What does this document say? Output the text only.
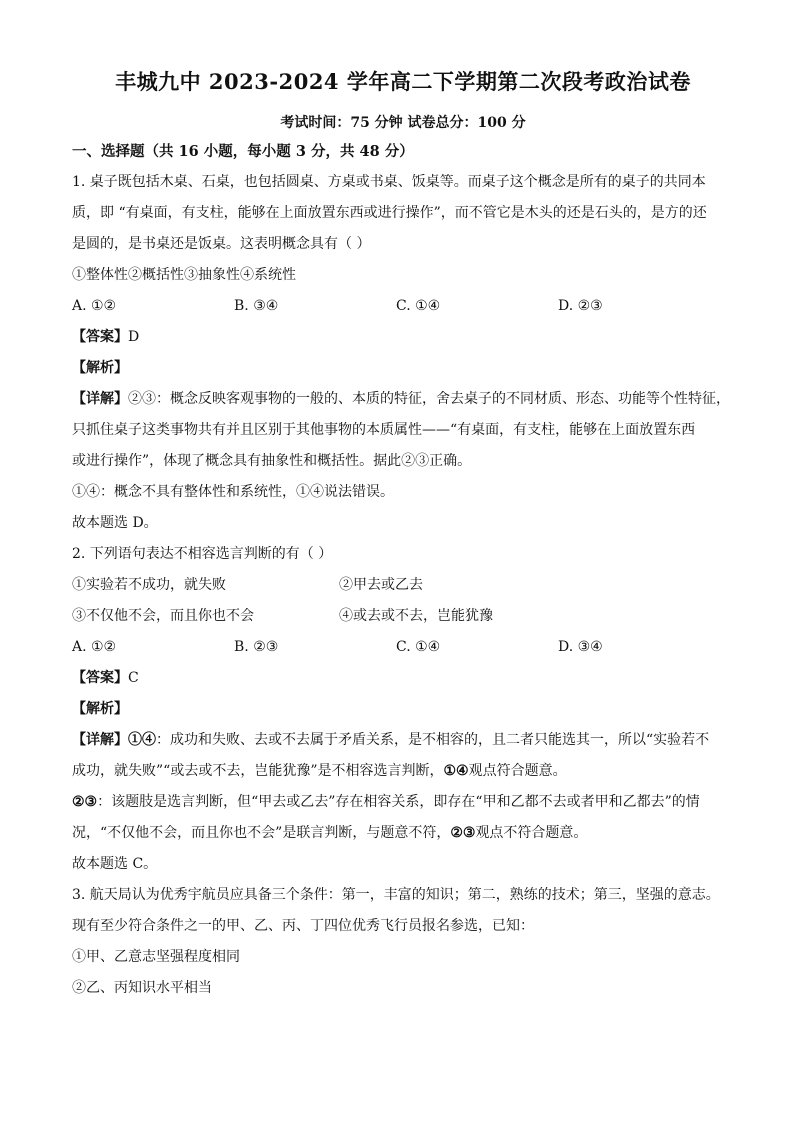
丰城九中 2023-2024 学年高二下学期第二次段考政治试卷
考试时间：75 分钟 试卷总分：100 分
一、选择题（共 16 小题，每小题 3 分，共 48 分）

1. 桌子既包括木桌、石桌，也包括圆桌、方桌或书桌、饭桌等。而桌子这个概念是所有的桌子的共同本

质，即 “有桌面，有支柱，能够在上面放置东西或进行操作”，而不管它是木头的还是石头的，是方的还

是圆的，是书桌还是饭桌。这表明概念具有（ ）

①整体性②概括性③抽象性④系统性

A. ①②	B. ③④	C. ①④	D. ②③

【答案】D

【解析】

【详解】②③：概念反映客观事物的一般的、本质的特征，舍去桌子的不同材质、形态、功能等个性特征，

只抓住桌子这类事物共有并且区别于其他事物的本质属性——“有桌面，有支柱，能够在上面放置东西

或进行操作”，体现了概念具有抽象性和概括性。据此②③正确。

①④：概念不具有整体性和系统性，①④说法错误。

故本题选 D。

2. 下列语句表达不相容选言判断的有（ ）

①实验若不成功，就失败	②甲去或乙去
③不仅他不会，而且你也不会	④或去或不去，岂能犹豫
A. ①②	B. ②③	C. ①④	D. ③④

【答案】C

【解析】

【详解】①④：成功和失败、去或不去属于矛盾关系，是不相容的，且二者只能选其一，所以“实验若不

成功，就失败”“或去或不去，岂能犹豫”是不相容选言判断，①④观点符合题意。

②③：该题肢是选言判断，但“甲去或乙去”存在相容关系，即存在“甲和乙都不去或者甲和乙都去”的情

况，“不仅他不会，而且你也不会”是联言判断，与题意不符，②③观点不符合题意。

故本题选 C。

3. 航天局认为优秀宇航员应具备三个条件：第一，丰富的知识；第二，熟练的技术；第三，坚强的意志。

现有至少符合条件之一的甲、乙、丙、丁四位优秀飞行员报名参选，已知：

①甲、乙意志坚强程度相同

②乙、丙知识水平相当
